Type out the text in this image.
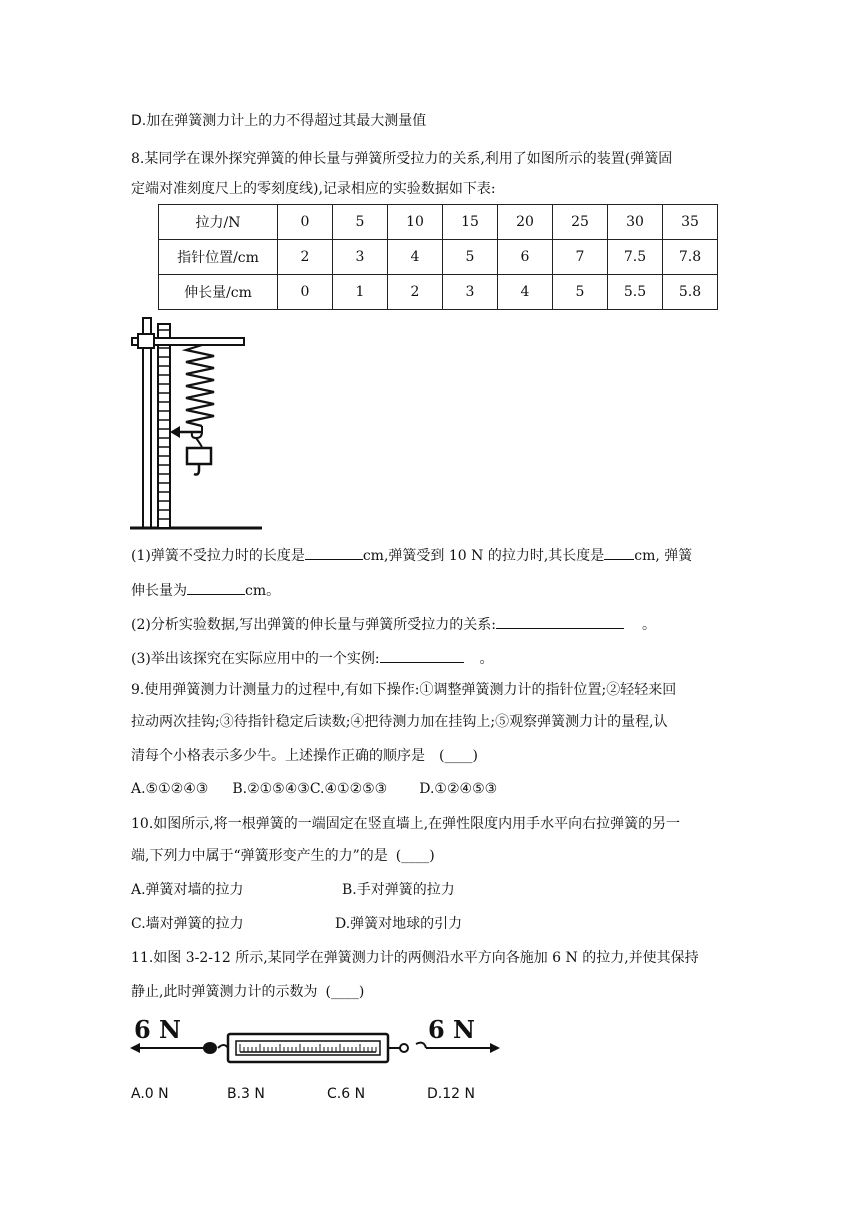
D.加在弹簧测力计上的力不得超过其最大测量值
8.某同学在课外探究弹簧的伸长量与弹簧所受拉力的关系,利用了如图所示的装置(弹簧固
定端对准刻度尺上的零刻度线),记录相应的实验数据如下表:
拉力/N	0	5	10	15	20	25	30	35
指针位置/cm	2	3	4	5	6	7	7.5	7.8
伸长量/cm	0	1	2	3	4	5	5.5	5.8
(1)弹簧不受拉力时的长度是	cm,弹簧受到 10 N 的拉力时,其长度是 cm, 弹簧
伸长量为	cm。
(2)分析实验数据,写出弹簧的伸长量与弹簧所受拉力的关系:	。
(3)举出该探究在实际应用中的一个实例:	。
9.使用弹簧测力计测量力的过程中,有如下操作:①调整弹簧测力计的指针位置;②轻轻来回
拉动两次挂钩;③待指针稳定后读数;④把待测力加在挂钩上;⑤观察弹簧测力计的量程,认
清每个小格表示多少牛。上述操作正确的顺序是 (____)
A.⑤①②④③ B.②①⑤④③C.④①②⑤③ D.①②④⑤③
10.如图所示,将一根弹簧的一端固定在竖直墙上,在弹性限度内用手水平向右拉弹簧的另一
端,下列力中属于“弹簧形变产生的力”的是 (____)
A.弹簧对墙的拉力	B.手对弹簧的拉力
C.墙对弹簧的拉力	D.弹簧对地球的引力
11.如图 3-2-12 所示,某同学在弹簧测力计的两侧沿水平方向各施加 6 N 的拉力,并使其保持
静止,此时弹簧测力计的示数为 (____)
6 N	6 N
A.0 N	B.3 N	C.6 N	D.12 N
